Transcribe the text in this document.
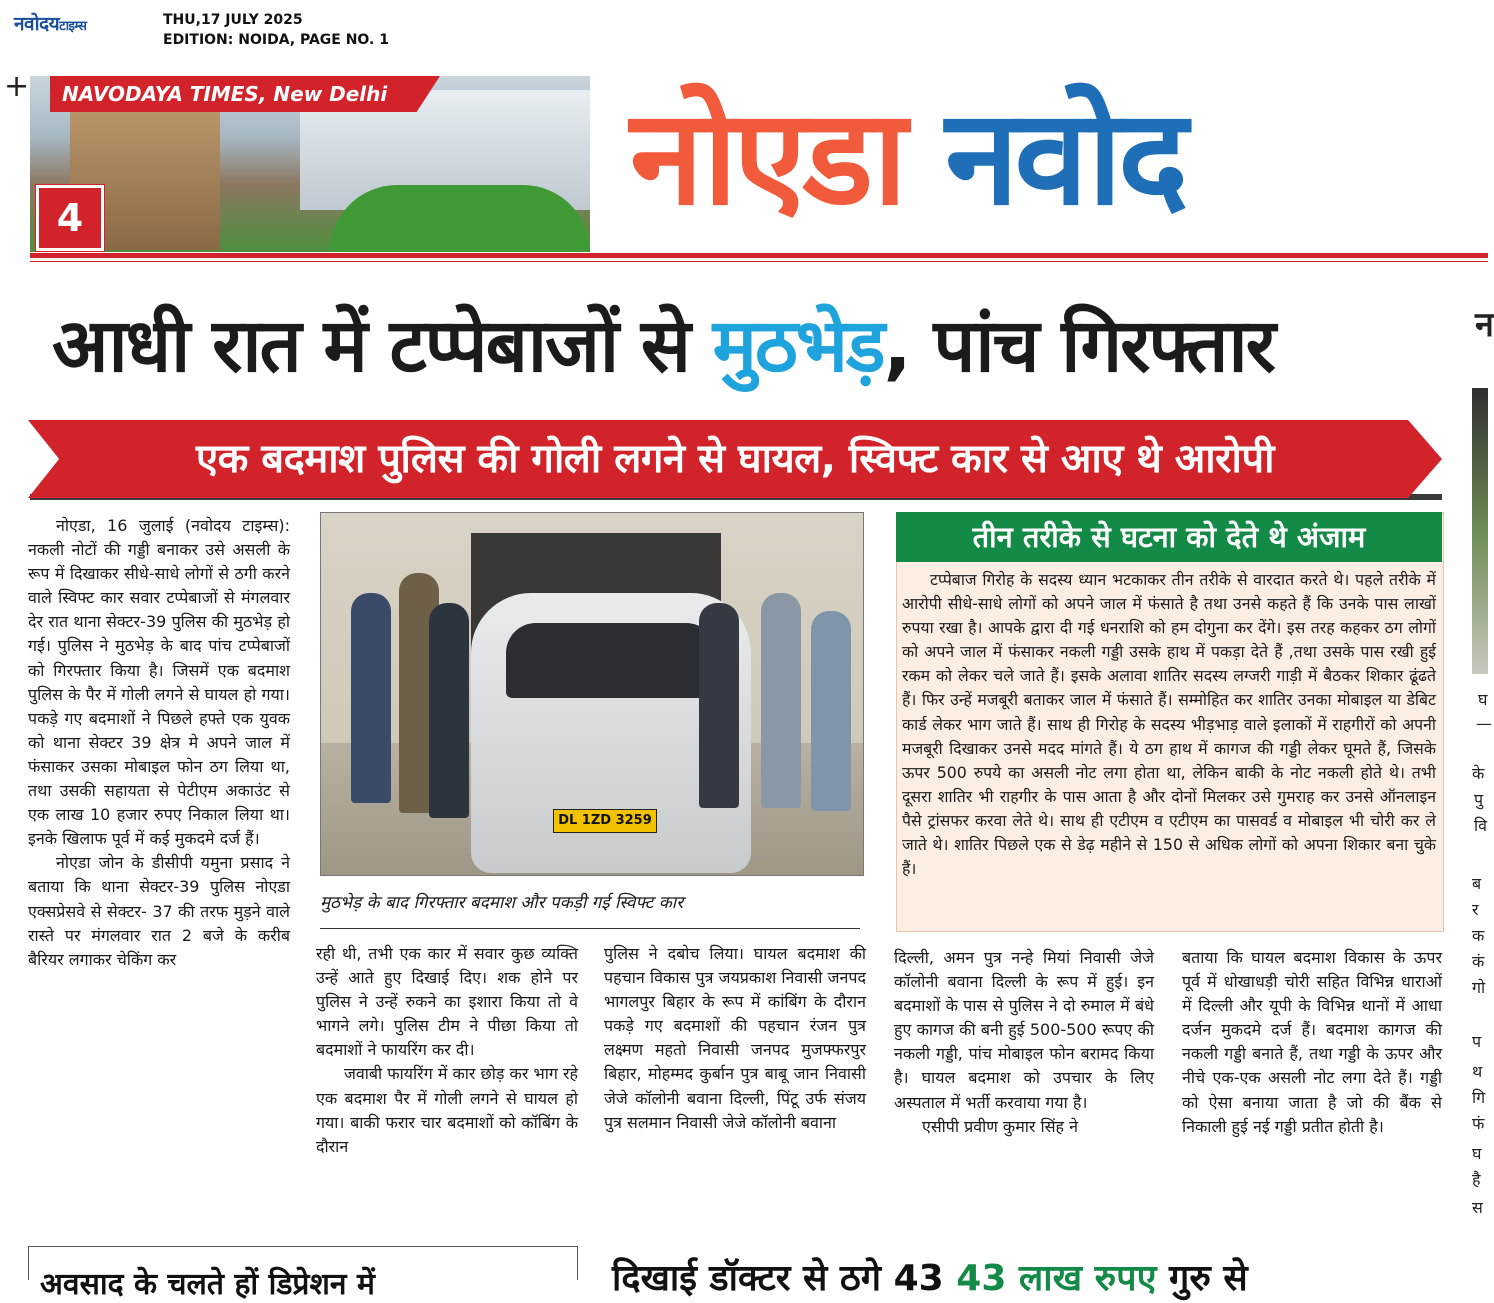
नवोदयटाइम्स	THU,17 JULY 2025
EDITION: NOIDA, PAGE NO. 1
+ NAVODAYA TIMES, New Delhi
4	नोएडा नवोद
आधी रात में टप्पेबाजों से मुठभेड़, पांच गिरफ्तार	न
एक बदमाश पुलिस की गोली लगने से घायल, स्विफ्ट कार से आए थे आरोपी

नोएडा, 16 जुलाई (नवोदय टाइम्स): नकली नोटों की गड्डी बनाकर उसे असली के रूप में दिखाकर सीधे-साधे लोगों से ठगी करने वाले स्विफ्ट कार सवार टप्पेबाजों से मंगलवार देर रात थाना सेक्टर-39 पुलिस की मुठभेड़ हो गई। पुलिस ने मुठभेड़ के बाद पांच टप्पेबाजों को गिरफ्तार किया है। जिसमें एक बदमाश पुलिस के पैर में गोली लगने से घायल हो गया। पकड़े गए बदमाशों ने पिछले हफ्ते एक युवक को थाना सेक्टर 39 क्षेत्र मे अपने जाल में फंसाकर उसका मोबाइल फोन ठग लिया था, तथा उसकी सहायता से पेटीएम अकाउंट से एक लाख 10 हजार रुपए निकाल लिया था। इनके खिलाफ पूर्व में कई मुकदमे दर्ज हैं।

नोएडा जोन के डीसीपी यमुना प्रसाद ने बताया कि थाना सेक्टर-39 पुलिस नोएडा एक्सप्रेसवे से सेक्टर- 37 की तरफ मुड़ने वाले रास्ते पर मंगलवार रात 2 बजे के करीब बैरियर लगाकर चेकिंग कर

DL 1ZD 3259
मुठभेड़ के बाद गिरफ्तार बदमाश और पकड़ी गई स्विफ्ट कार

रही थी, तभी एक कार में सवार कुछ व्यक्ति उन्हें आते हुए दिखाई दिए। शक होने पर पुलिस ने उन्हें रुकने का इशारा किया तो वे भागने लगे। पुलिस टीम ने पीछा किया तो बदमाशों ने फायरिंग कर दी।

जवाबी फायरिंग में कार छोड़ कर भाग रहे एक बदमाश पैर में गोली लगने से घायल हो गया। बाकी फरार चार बदमाशों को कॉबिंग के दौरान

पुलिस ने दबोच लिया। घायल बदमाश की पहचान विकास पुत्र जयप्रकाश निवासी जनपद भागलपुर बिहार के रूप में कांबिंग के दौरान पकड़े गए बदमाशों की पहचान रंजन पुत्र लक्ष्मण महतो निवासी जनपद मुजफ्फरपुर बिहार, मोहम्मद कुर्बान पुत्र बाबू जान निवासी जेजे कॉलोनी बवाना दिल्ली, पिंटू उर्फ संजय पुत्र सलमान निवासी जेजे कॉलोनी बवाना

तीन तरीके से घटना को देते थे अंजाम

टप्पेबाज गिरोह के सदस्य ध्यान भटकाकर तीन तरीके से वारदात करते थे। पहले तरीके में आरोपी सीधे-साधे लोगों को अपने जाल में फंसाते है तथा उनसे कहते हैं कि उनके पास लाखों रुपया रखा है। आपके द्वारा दी गई धनराशि को हम दोगुना कर देंगे। इस तरह कहकर ठग लोगों को अपने जाल में फंसाकर नकली गड्डी उसके हाथ में पकड़ा देते हैं ,तथा उसके पास रखी हुई रकम को लेकर चले जाते हैं। इसके अलावा शातिर सदस्य लग्जरी गाड़ी में बैठकर शिकार ढूंढते हैं। फिर उन्हें मजबूरी बताकर जाल में फंसाते हैं। सम्मोहित कर शातिर उनका मोबाइल या डेबिट कार्ड लेकर भाग जाते हैं। साथ ही गिरोह के सदस्य भीड़भाड़ वाले इलाकों में राहगीरों को अपनी मजबूरी दिखाकर उनसे मदद मांगते हैं। ये ठग हाथ में कागज की गड्डी लेकर घूमते हैं, जिसके ऊपर 500 रुपये का असली नोट लगा होता था, लेकिन बाकी के नोट नकली होते थे। तभी दूसरा शातिर भी राहगीर के पास आता है और दोनों मिलकर उसे गुमराह कर उनसे ऑनलाइन पैसे ट्रांसफर करवा लेते थे। साथ ही एटीएम व एटीएम का पासवर्ड व मोबाइल भी चोरी कर ले जाते थे। शातिर पिछले एक से डेढ़ महीने से 150 से अधिक लोगों को अपना शिकार बना चुके हैं।

दिल्ली, अमन पुत्र नन्हे मियां निवासी जेजे कॉलोनी बवाना दिल्ली के रूप में हुई। इन बदमाशों के पास से पुलिस ने दो रुमाल में बंधे हुए कागज की बनी हुई 500-500 रूपए की नकली गड्डी, पांच मोबाइल फोन बरामद किया है। घायल बदमाश को उपचार के लिए अस्पताल में भर्ती करवाया गया है।

एसीपी प्रवीण कुमार सिंह ने

बताया कि घायल बदमाश विकास के ऊपर पूर्व में धोखाधड़ी चोरी सहित विभिन्न धाराओं में दिल्ली और यूपी के विभिन्न थानों में आधा दर्जन मुकदमे दर्ज हैं। बदमाश कागज की नकली गड्डी बनाते हैं, तथा गड्डी के ऊपर और नीचे एक-एक असली नोट लगा देते हैं। गड्डी को ऐसा बनाया जाता है जो की बैंक से निकाली हुई नई गड्डी प्रतीत होती है।

घ
—
के
पु
वि
ब
र
क
कं
गो
प
थ
गि
फं
घ
है
स
अवसाद के चलते हों डिप्रेशन में	दिखाई डॉक्टर से ठगे 43 43 लाख रुपए गुरु से
